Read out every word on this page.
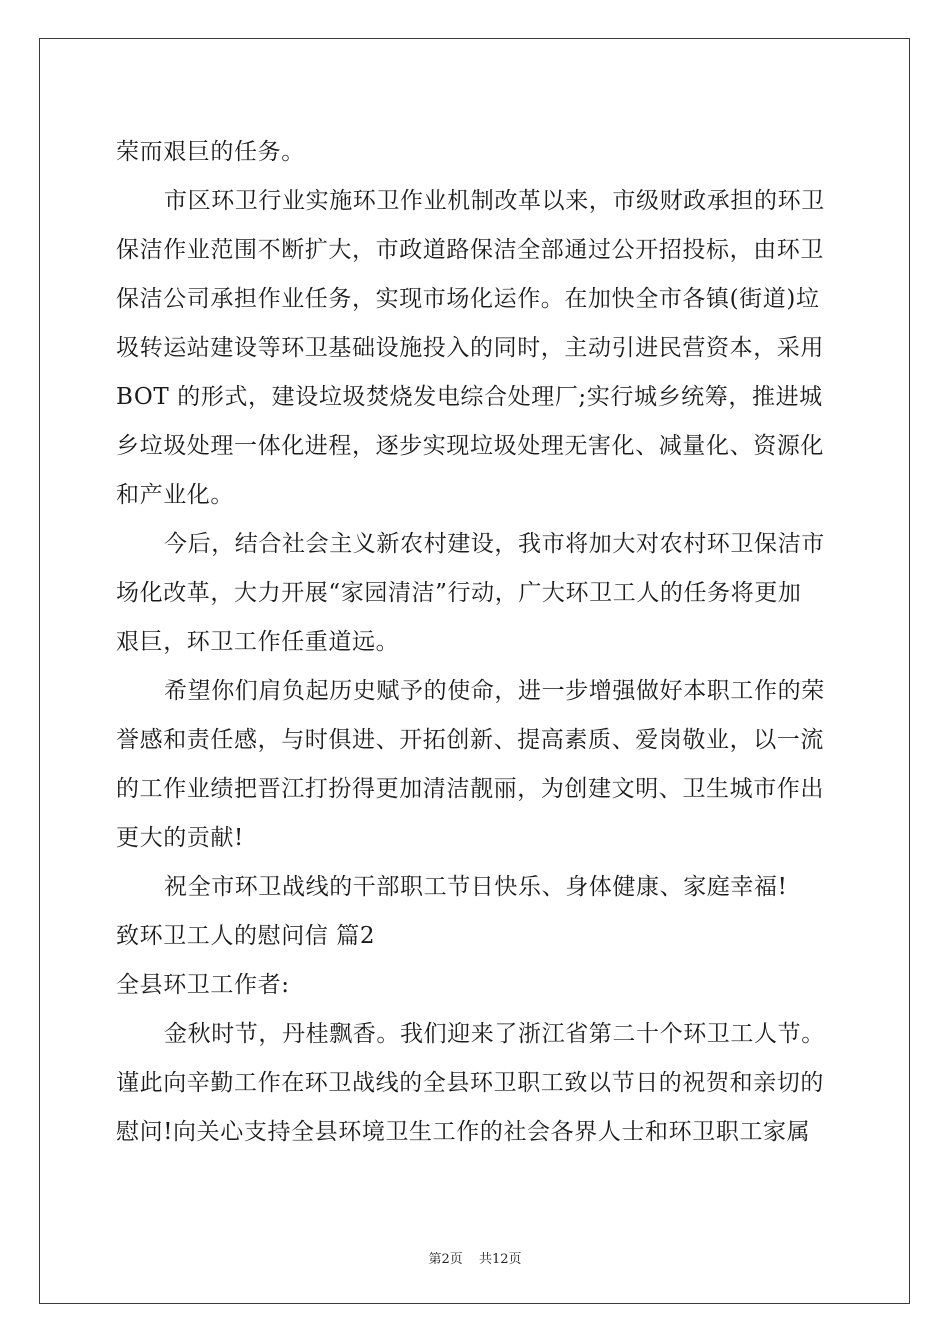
荣而艰巨的任务。
市区环卫行业实施环卫作业机制改革以来，市级财政承担的环卫
保洁作业范围不断扩大，市政道路保洁全部通过公开招投标，由环卫
保洁公司承担作业任务，实现市场化运作。在加快全市各镇(街道)垃
圾转运站建设等环卫基础设施投入的同时，主动引进民营资本，采用
BOT 的形式，建设垃圾焚烧发电综合处理厂;实行城乡统筹，推进城
乡垃圾处理一体化进程，逐步实现垃圾处理无害化、减量化、资源化
和产业化。
今后，结合社会主义新农村建设，我市将加大对农村环卫保洁市
场化改革，大力开展“家园清洁”行动，广大环卫工人的任务将更加
艰巨，环卫工作任重道远。
希望你们肩负起历史赋予的使命，进一步增强做好本职工作的荣
誉感和责任感，与时俱进、开拓创新、提高素质、爱岗敬业，以一流
的工作业绩把晋江打扮得更加清洁靓丽，为创建文明、卫生城市作出
更大的贡献!
祝全市环卫战线的干部职工节日快乐、身体健康、家庭幸福!
致环卫工人的慰问信 篇2
全县环卫工作者:
金秋时节，丹桂飘香。我们迎来了浙江省第二十个环卫工人节。
谨此向辛勤工作在环卫战线的全县环卫职工致以节日的祝贺和亲切的
慰问!向关心支持全县环境卫生工作的社会各界人士和环卫职工家属
第2页 共12页
